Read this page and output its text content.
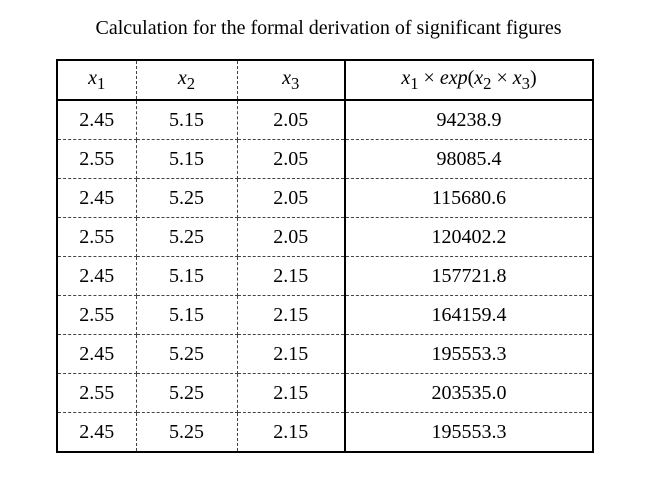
Calculation for the formal derivation of significant figures
$x_1$	$x_2$	$x_3$	$x_1 \times \exp(x_2 \times x_3)$
2.45	5.15	2.05	94238.9
2.55	5.15	2.05	98085.4
2.45	5.25	2.05	115680.6
2.55	5.25	2.05	120402.2
2.45	5.15	2.15	157721.8
2.55	5.15	2.15	164159.4
2.45	5.25	2.15	195553.3
2.55	5.25	2.15	203535.0
2.45	5.25	2.15	195553.3
